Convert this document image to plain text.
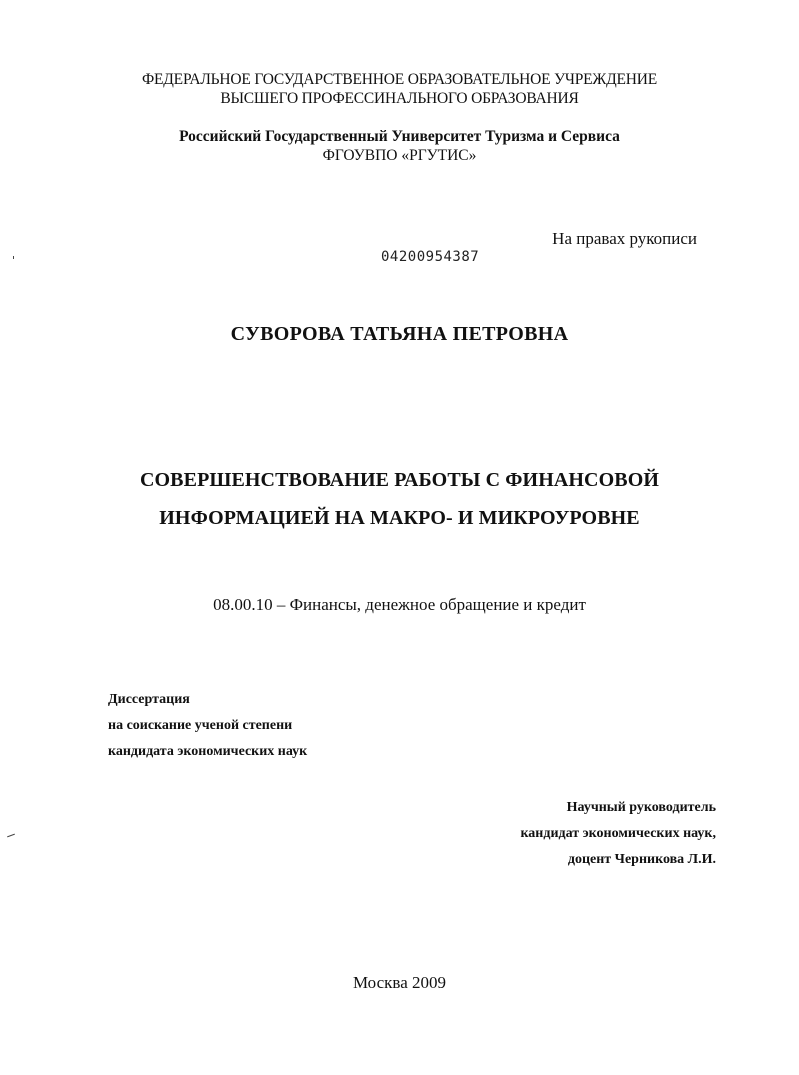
ФЕДЕРАЛЬНОЕ ГОСУДАРСТВЕННОЕ ОБРАЗОВАТЕЛЬНОЕ УЧРЕЖДЕНИЕ
ВЫСШЕГО ПРОФЕССИНАЛЬНОГО ОБРАЗОВАНИЯ
Российский Государственный Университет Туризма и Сервиса
ФГОУВПО «РГУТИС»
На правах рукописи
04200954387
СУВОРОВА ТАТЬЯНА ПЕТРОВНА
СОВЕРШЕНСТВОВАНИЕ РАБОТЫ С ФИНАНСОВОЙ
ИНФОРМАЦИЕЙ НА МАКРО- И МИКРОУРОВНЕ
08.00.10 – Финансы, денежное обращение и кредит
Диссертация
на соискание ученой степени
кандидата экономических наук
Научный руководитель
кандидат экономических наук,
доцент Черникова Л.И.
Москва 2009
